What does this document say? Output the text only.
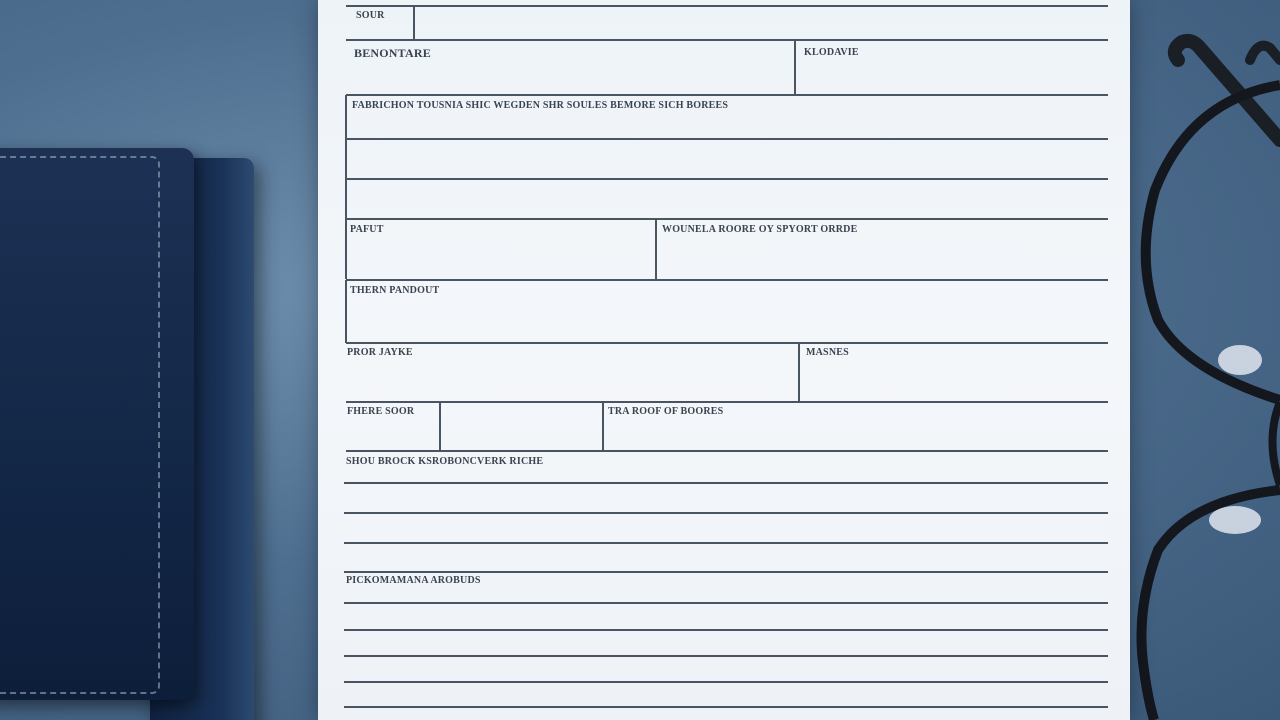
SOUR
BENONTARE	KLODAVIE
FABRICHON TOUSNIA SHIC WEGDEN SHR SOULES BEMORE SICH BOREES
PAFUT	WOUNELA ROORE OY SPYORT ORRDE
THERN PANDOUT
PROR JAYKE	MASNES
FHERE SOOR	TRA ROOF OF BOORES
SHOU BROCK KSROBONCVERK RICHE
PICKOMAMANA AROBUDS
